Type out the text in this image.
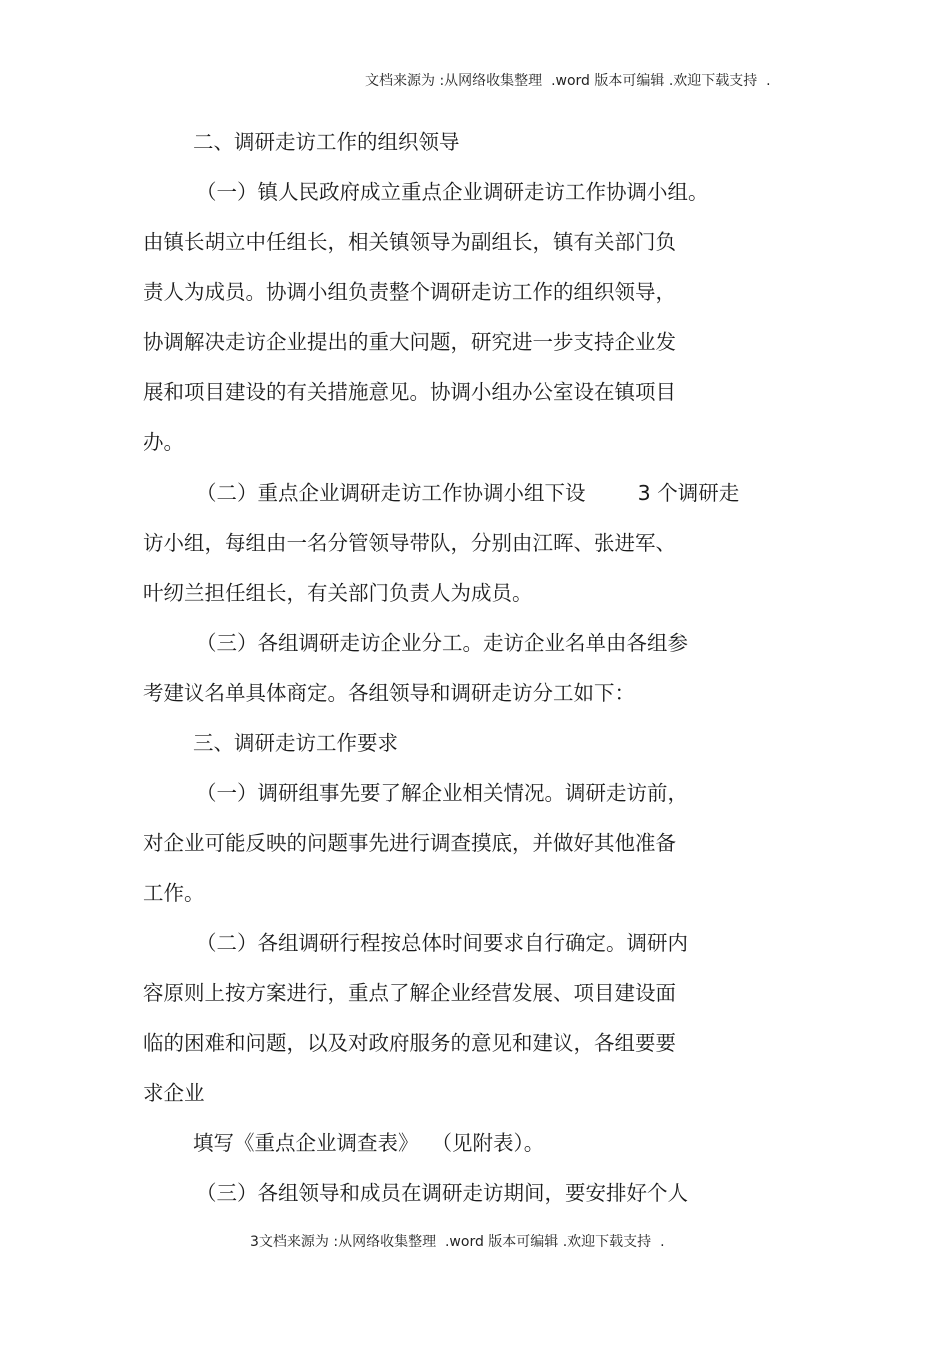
文档来源为 :从网络收集整理  .word 版本可编辑 .欢迎下载支持  .
二、调研走访工作的组织领导
（一）镇人民政府成立重点企业调研走访工作协调小组。
由镇长胡立中任组长，相关镇领导为副组长，镇有关部门负
责人为成员。协调小组负责整个调研走访工作的组织领导，
协调解决走访企业提出的重大问题，研究进一步支持企业发
展和项目建设的有关措施意见。协调小组办公室设在镇项目
办。
（二）重点企业调研走访工作协调小组下设        3 个调研走
访小组，每组由一名分管领导带队，分别由江晖、张进军、
叶纫兰担任组长，有关部门负责人为成员。
（三）各组调研走访企业分工。走访企业名单由各组参
考建议名单具体商定。各组领导和调研走访分工如下：
三、调研走访工作要求
（一）调研组事先要了解企业相关情况。调研走访前，
对企业可能反映的问题事先进行调查摸底，并做好其他准备
工作。
（二）各组调研行程按总体时间要求自行确定。调研内
容原则上按方案进行，重点了解企业经营发展、项目建设面
临的困难和问题，以及对政府服务的意见和建议，各组要要
求企业
填写《重点企业调查表》  （见附表）。
（三）各组领导和成员在调研走访期间，要安排好个人
3文档来源为 :从网络收集整理  .word 版本可编辑 .欢迎下载支持  .
